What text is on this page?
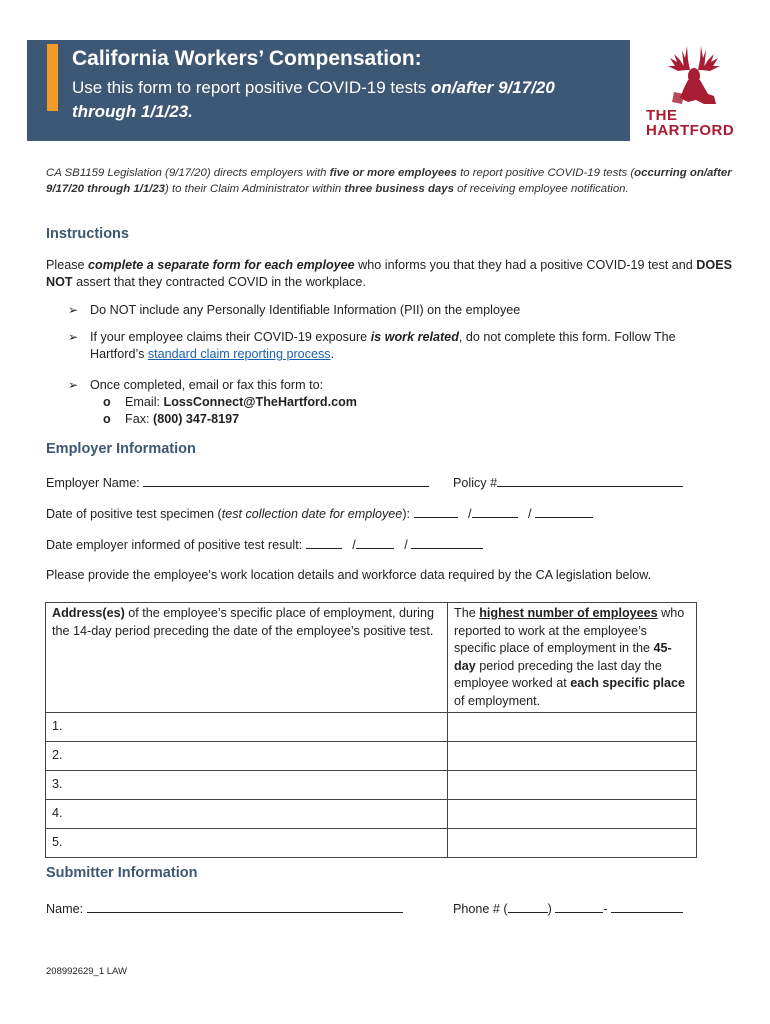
California Workers’ Compensation:
Use this form to report positive COVID-19 tests on/after 9/17/20 through 1/1/23.	THE
HARTFORD
CA SB1159 Legislation (9/17/20) directs employers with five or more employees to report positive COVID-19 tests (occurring on/after 9/17/20 through 1/1/23) to their Claim Administrator within three business days of receiving employee notification.
Instructions
Please complete a separate form for each employee who informs you that they had a positive COVID-19 test and DOES NOT assert that they contracted COVID in the workplace.
➢ Do NOT include any Personally Identifiable Information (PII) on the employee
➢ If your employee claims their COVID-19 exposure is work related, do not complete this form. Follow The Hartford’s standard claim reporting process.
➢ Once completed, email or fax this form to:
o Email: LossConnect@TheHartford.com
o Fax: (800) 347-8197
Employer Information
Employer Name:	Policy #
Date of positive test specimen (test collection date for employee):	/	/
Date employer informed of positive test result:	/	/
Please provide the employee's work location details and workforce data required by the CA legislation below.
Address(es) of the employee’s specific place of employment, during the 14-day period preceding the date of the employee’s positive test.	The highest number of employees who reported to work at the employee’s specific place of employment in the 45-day period preceding the last day the employee worked at each specific place of employment.
1.	
2.	
3.	
4.	
5.	
Submitter Information
Name:	Phone # (	)	-
208992629_1 LAW
